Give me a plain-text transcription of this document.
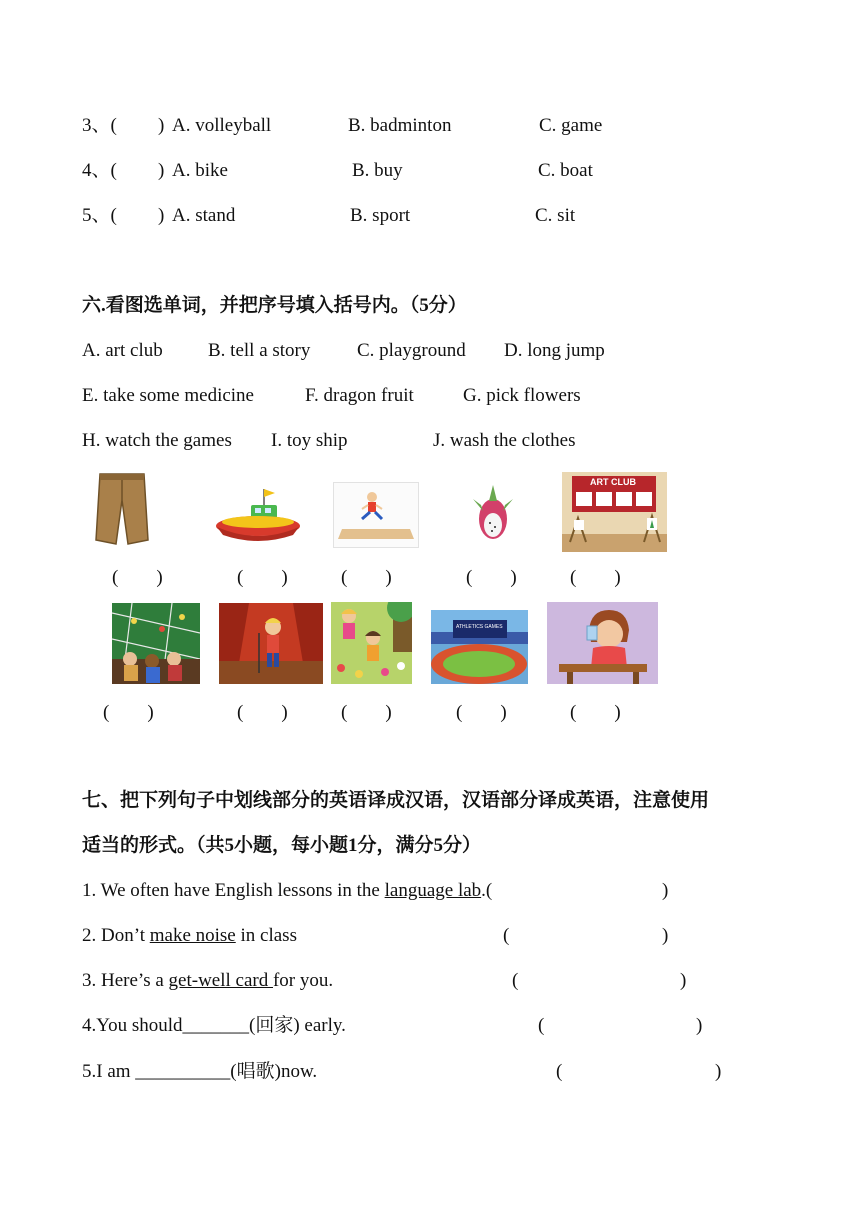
3、( ) A. volleyball	B. badminton	C. game
4、( ) A. bike	B. buy	C. boat
5、( ) A. stand	B. sport	C. sit
六.看图选单词，并把序号填入括号内。（5分）
A. art club B. tell a story C. playground D. long jump
E. take some medicine	F. dragon fruit	G. pick flowers
H. watch the games I. toy ship	J. wash the clothes
ART CLUB
(        )	(        )	(        )	(        )	(        )
ATHLETICS GAMES
(        )	(        )	(        )	(        )	(        )
七、把下列句子中划线部分的英语译成汉语，汉语部分译成英语，注意使用
适当的形式。（共5小题，每小题1分，满分5分）
1. We often have English lessons in the language lab.(	)
2. Don’t make noise in class	(	)
3. Here’s a get-well card for you.	(	)
4.You should_______(回家) early.	(	)
5.I am __________(唱歌)now.	(	)
